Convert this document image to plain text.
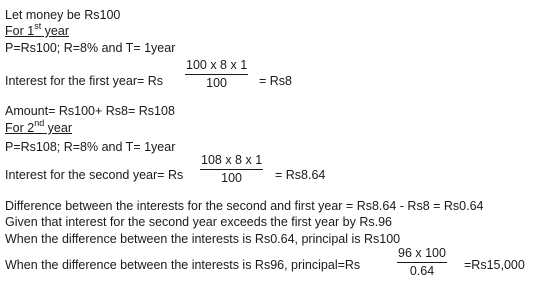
Let money be Rs100
For 1st year
P=Rs100; R=8% and T= 1year
Interest for the first year= Rs
100 x 8 x 1
100	= Rs8
Amount= Rs100+ Rs8= Rs108
For 2nd year
P=Rs108; R=8% and T= 1year
Interest for the second year= Rs
108 x 8 x 1
100	= Rs8.64
Difference between the interests for the second and first year = Rs8.64 - Rs8 = Rs0.64
Given that interest for the second year exceeds the first year by Rs.96
When the difference between the interests is Rs0.64, principal is Rs100
When the difference between the interests is Rs96, principal=Rs
96 x 100
0.64	=Rs15,000
